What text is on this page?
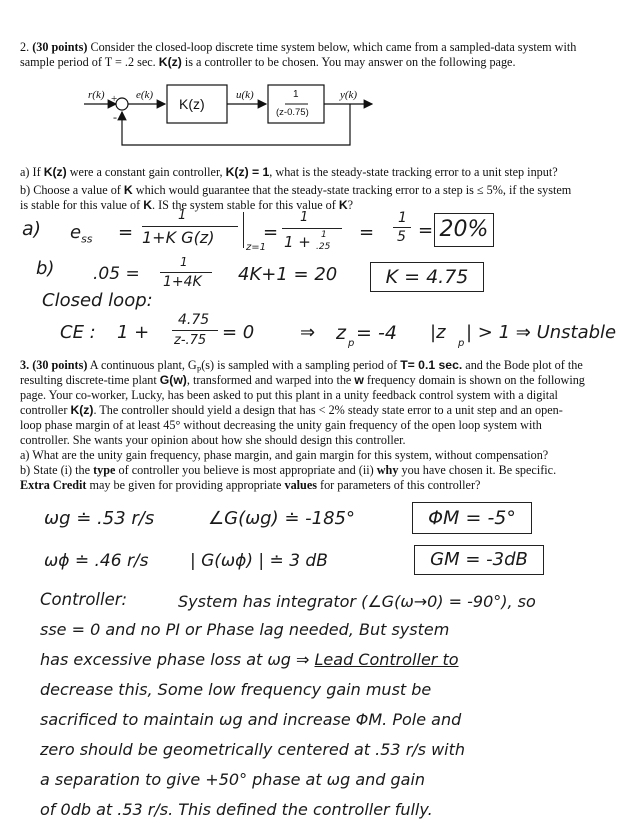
2. (30 points) Consider the closed-loop discrete time system below, which came from a sampled-data system with
sample period of T = .2 sec. K(z) is a controller to be chosen. You may answer on the following page.
r(k) +
-
e(k)
K(z)
u(k)	1
(z-0.75)
y(k)
a) If K(z) were a constant gain controller, K(z) = 1, what is the steady-state tracking error to a unit step input?
b) Choose a value of K which would guarantee that the steady-state tracking error to a step is ≤ 5%, if the system
is stable for this value of K. IS the system stable for this value of K?
a) $e_{ss}$ =
1
1+K G(z)
z=1
=
1
1 + 1
.25
=
1
5 = 20%
b) .05 =
1
1+4K 4K+1 = 20	K = 4.75
Closed loop:
CE : 1 +
4.75
z-.75 = 0	⇒ z p = -4 |z
p
| > 1 ⇒ Unstable
3. (30 points) A continuous plant, $G_P(s)$ is sampled with a sampling period of T= 0.1 sec. and the Bode plot of the
resulting discrete-time plant G(w), transformed and warped into the w frequency domain is shown on the following
page. Your co-worker, Lucky, has been asked to put this plant in a unity feedback control system with a digital
controller K(z). The controller should yield a design that has < 2% steady state error to a unit step and an open-
loop phase margin of at least 45° without decreasing the unity gain frequency of the open loop system with
controller. She wants your opinion about how she should design this controller.
a) What are the unity gain frequency, phase margin, and gain margin for this system, without compensation?
b) State (i) the type of controller you believe is most appropriate and (ii) why you have chosen it. Be specific.
Extra Credit may be given for providing appropriate values for parameters of this controller?
ωg ≐ .53 r/s	∠G(ωg) ≐ -185°	ΦM = -5°
ωϕ ≐ .46 r/s | G(ωϕ) | ≐ 3 dB	GM = -3dB
Controller:	System has integrator (∠G(ω→0) = -90°), so
sse = 0 and no PI or Phase lag needed, But system
has excessive phase loss at ωg ⇒ Lead Controller to
decrease this, Some low frequency gain must be
sacrificed to maintain ωg and increase ΦM. Pole and
zero should be geometrically centered at .53 r/s with
a separation to give +50° phase at ωg and gain
of 0db at .53 r/s. This defined the controller fully.
